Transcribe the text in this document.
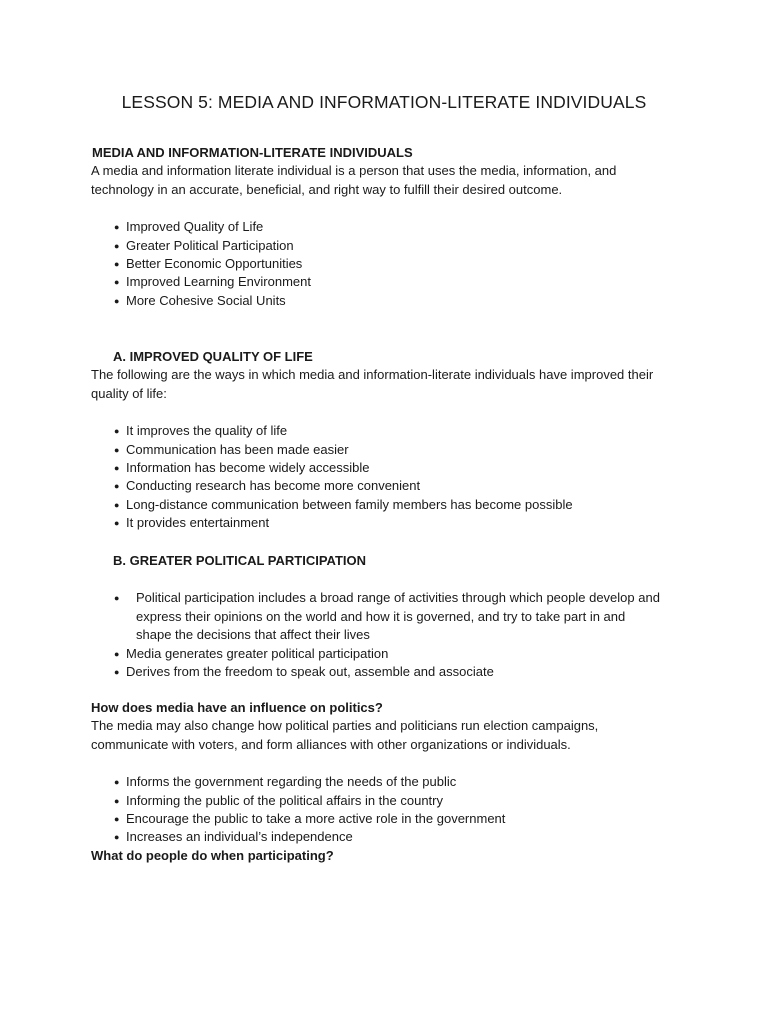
LESSON 5: MEDIA AND INFORMATION-LITERATE INDIVIDUALS

MEDIA AND INFORMATION-LITERATE INDIVIDUALS

A media and information literate individual is a person that uses the media, information, and technology in an accurate, beneficial, and right way to fulfill their desired outcome.

● Improved Quality of Life
● Greater Political Participation
● Better Economic Opportunities
● Improved Learning Environment
● More Cohesive Social Units

A. IMPROVED QUALITY OF LIFE

The following are the ways in which media and information-literate individuals have improved their quality of life:

● It improves the quality of life
● Communication has been made easier
● Information has become widely accessible
● Conducting research has become more convenient
● Long-distance communication between family members has become possible
● It provides entertainment

B. GREATER POLITICAL PARTICIPATION

● Political participation includes a broad range of activities through which people develop and express their opinions on the world and how it is governed, and try to take part in and shape the decisions that affect their lives
● Media generates greater political participation
● Derives from the freedom to speak out, assemble and associate

How does media have an influence on politics?

The media may also change how political parties and politicians run election campaigns, communicate with voters, and form alliances with other organizations or individuals.

● Informs the government regarding the needs of the public
● Informing the public of the political affairs in the country
● Encourage the public to take a more active role in the government
● Increases an individual’s independence

What do people do when participating?
